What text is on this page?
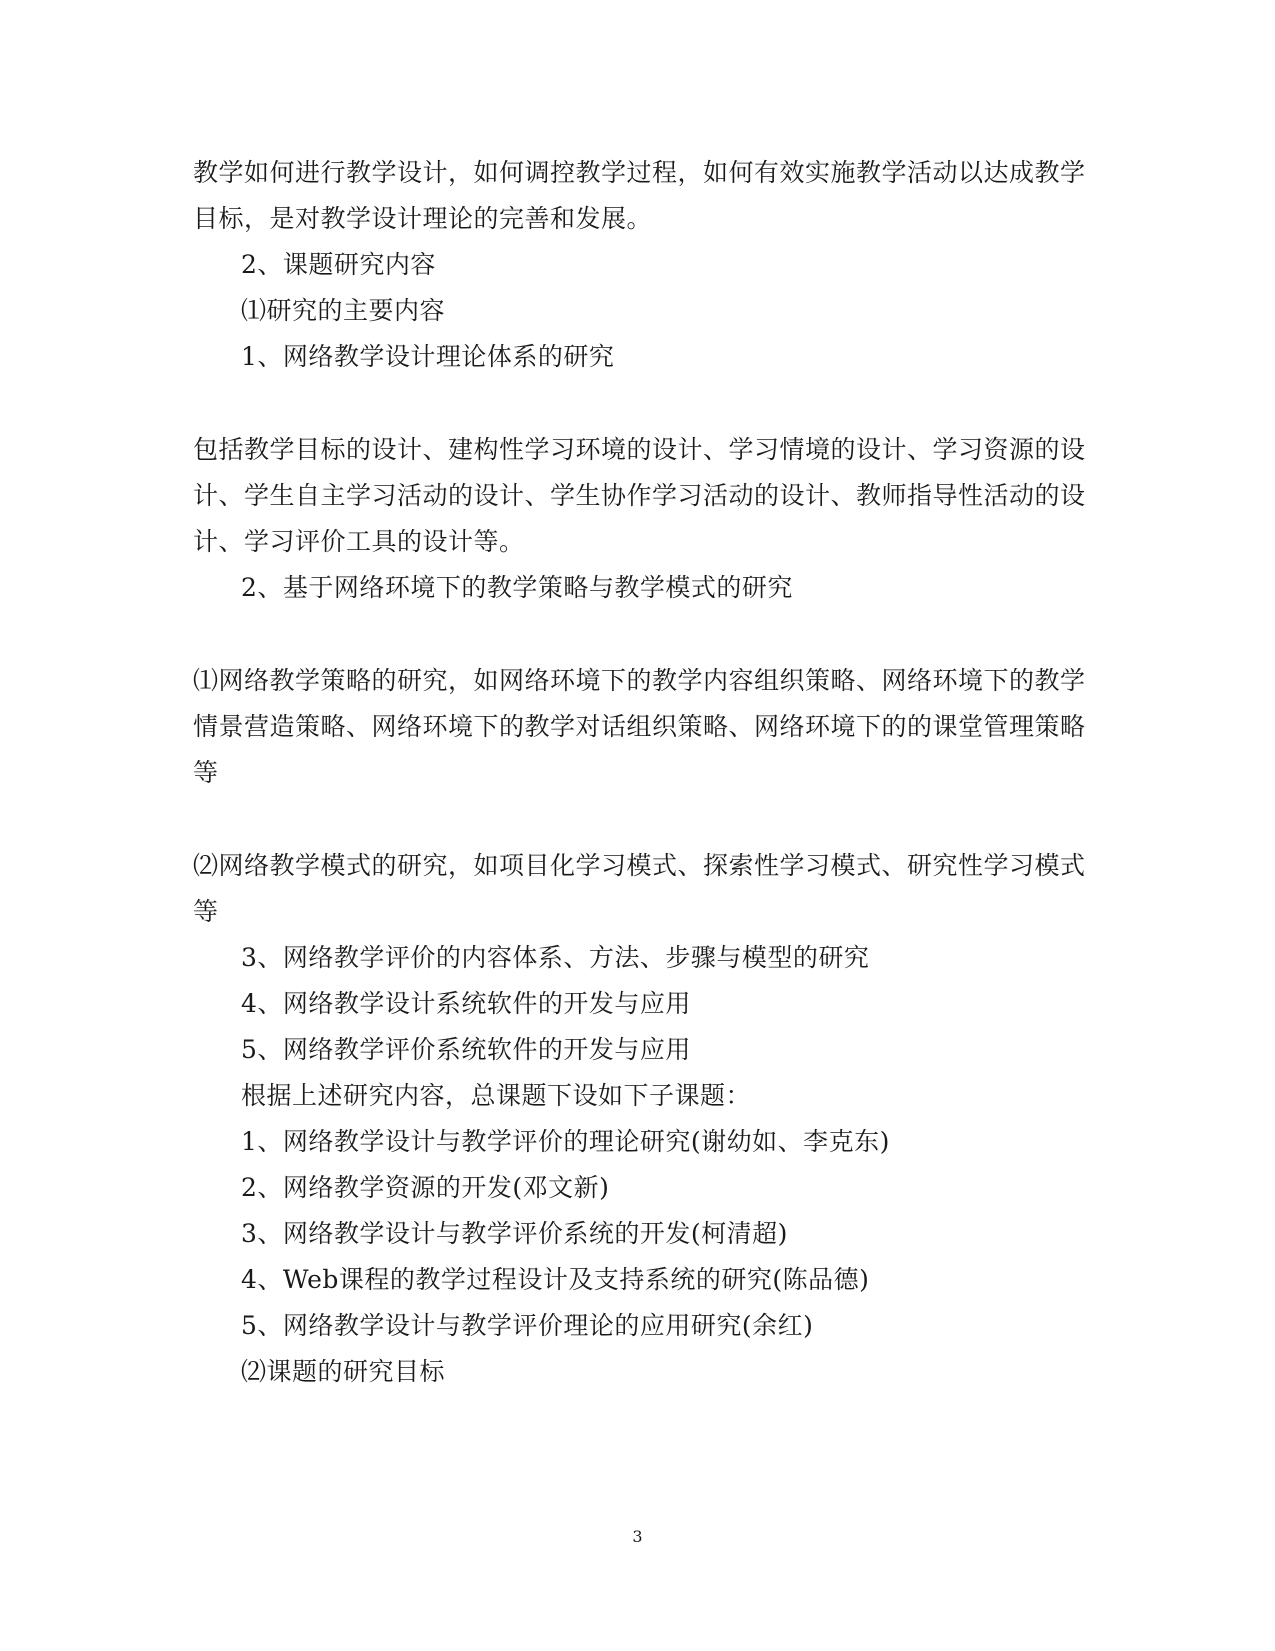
教学如何进行教学设计，如何调控教学过程，如何有效实施教学活动以达成教学
目标，是对教学设计理论的完善和发展。
2、课题研究内容
⑴研究的主要内容
1、网络教学设计理论体系的研究
包括教学目标的设计、建构性学习环境的设计、学习情境的设计、学习资源的设
计、学生自主学习活动的设计、学生协作学习活动的设计、教师指导性活动的设
计、学习评价工具的设计等。
2、基于网络环境下的教学策略与教学模式的研究
⑴网络教学策略的研究，如网络环境下的教学内容组织策略、网络环境下的教学
情景营造策略、网络环境下的教学对话组织策略、网络环境下的的课堂管理策略
等
⑵网络教学模式的研究，如项目化学习模式、探索性学习模式、研究性学习模式
等
3、网络教学评价的内容体系、方法、步骤与模型的研究
4、网络教学设计系统软件的开发与应用
5、网络教学评价系统软件的开发与应用
根据上述研究内容，总课题下设如下子课题：
1、网络教学设计与教学评价的理论研究(谢幼如、李克东)
2、网络教学资源的开发(邓文新)
3、网络教学设计与教学评价系统的开发(柯清超)
4、Web课程的教学过程设计及支持系统的研究(陈品德)
5、网络教学设计与教学评价理论的应用研究(余红)
⑵课题的研究目标
3
